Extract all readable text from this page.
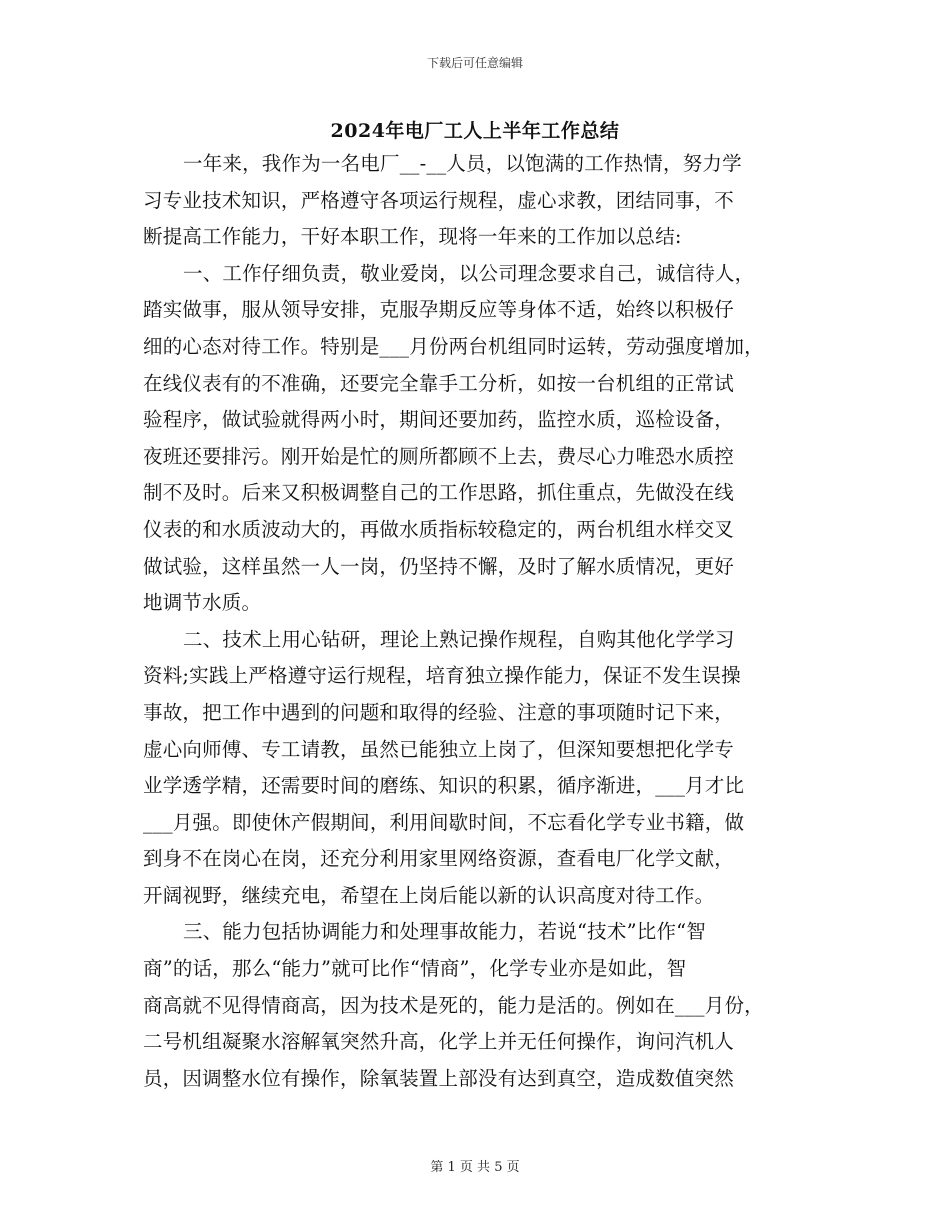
下载后可任意编辑
2024年电厂工人上半年工作总结
一年来，我作为一名电厂__-__人员，以饱满的工作热情，努力学
习专业技术知识，严格遵守各项运行规程，虚心求教，团结同事，不
断提高工作能力，干好本职工作，现将一年来的工作加以总结:
一、工作仔细负责，敬业爱岗，以公司理念要求自己，诚信待人，
踏实做事，服从领导安排，克服孕期反应等身体不适，始终以积极仔
细的心态对待工作。特别是___月份两台机组同时运转，劳动强度增加，
在线仪表有的不准确，还要完全靠手工分析，如按一台机组的正常试
验程序，做试验就得两小时，期间还要加药，监控水质，巡检设备，
夜班还要排污。刚开始是忙的厕所都顾不上去，费尽心力唯恐水质控
制不及时。后来又积极调整自己的工作思路，抓住重点，先做没在线
仪表的和水质波动大的，再做水质指标较稳定的，两台机组水样交叉
做试验，这样虽然一人一岗，仍坚持不懈，及时了解水质情况，更好
地调节水质。
二、技术上用心钻研，理论上熟记操作规程，自购其他化学学习
资料;实践上严格遵守运行规程，培育独立操作能力，保证不发生误操
事故，把工作中遇到的问题和取得的经验、注意的事项随时记下来，
虚心向师傅、专工请教，虽然已能独立上岗了，但深知要想把化学专
业学透学精，还需要时间的磨练、知识的积累，循序渐进，___月才比
___月强。即使休产假期间，利用间歇时间，不忘看化学专业书籍，做
到身不在岗心在岗，还充分利用家里网络资源，查看电厂化学文献，
开阔视野，继续充电，希望在上岗后能以新的认识高度对待工作。
三、能力包括协调能力和处理事故能力，若说“技术”比作“智
商”的话，那么“能力”就可比作“情商”，化学专业亦是如此，智
商高就不见得情商高，因为技术是死的，能力是活的。例如在___月份，
二号机组凝聚水溶解氧突然升高，化学上并无任何操作，询问汽机人
员，因调整水位有操作，除氧装置上部没有达到真空，造成数值突然
第 1 页 共 5 页
